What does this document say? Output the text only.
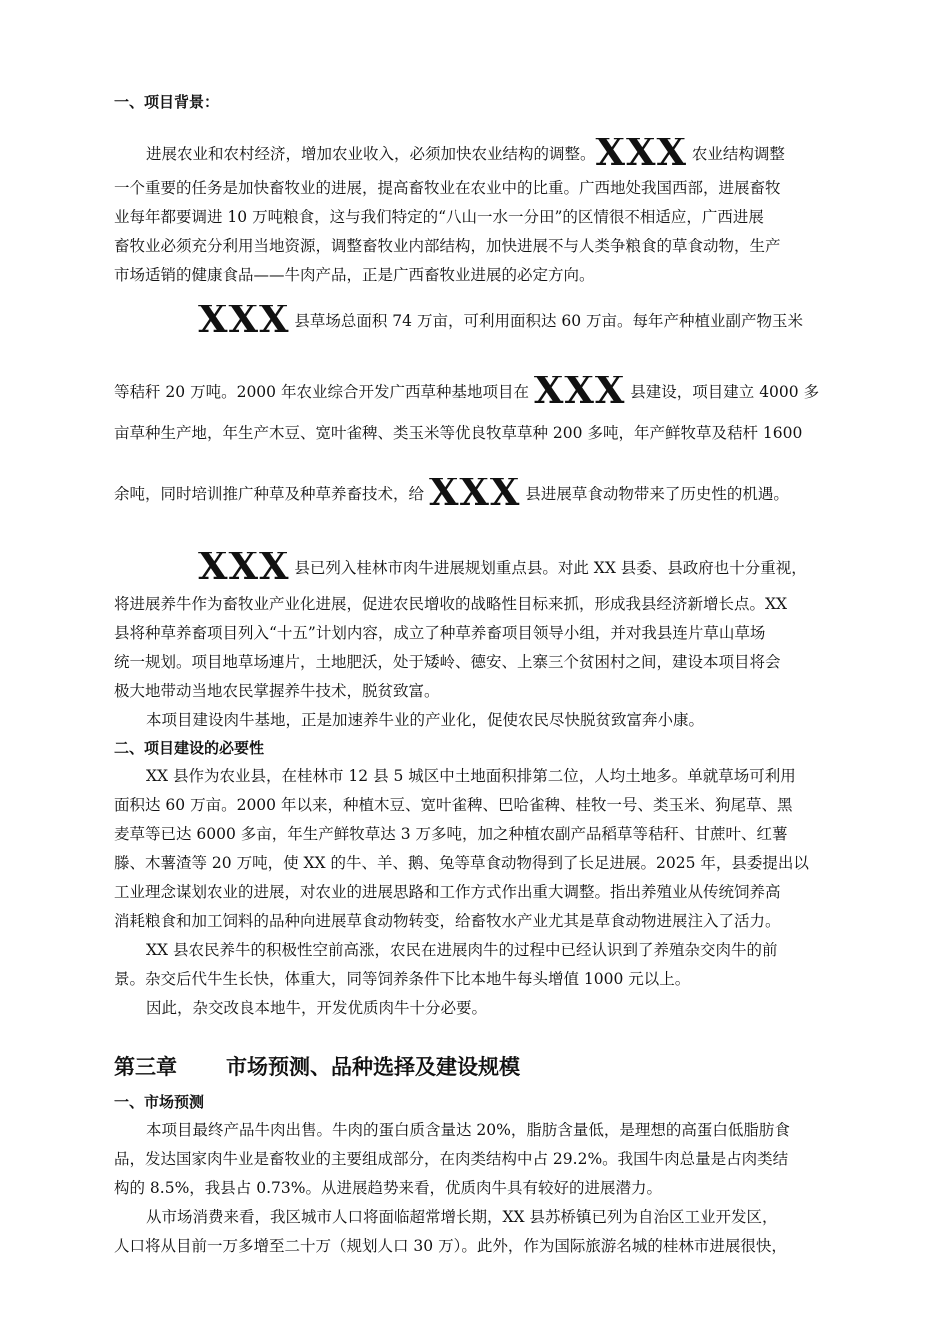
一、项目背景：
进展农业和农村经济，增加农业收入，必须加快农业结构的调整。XXX 农业结构调整
一个重要的任务是加快畜牧业的进展，提高畜牧业在农业中的比重。广西地处我国西部，进展畜牧
业每年都要调进 10 万吨粮食，这与我们特定的“八山一水一分田”的区情很不相适应，广西进展
畜牧业必须充分利用当地资源，调整畜牧业内部结构，加快进展不与人类争粮食的草食动物，生产
市场适销的健康食品——牛肉产品，正是广西畜牧业进展的必定方向。
XXX 县草场总面积 74 万亩，可利用面积达 60 万亩。每年产种植业副产物玉米
等秸秆 20 万吨。2000 年农业综合开发广西草种基地项目在 XXX 县建设，项目建立 4000 多
亩草种生产地，年生产木豆、宽叶雀稗、类玉米等优良牧草草种 200 多吨，年产鲜牧草及秸杆 1600
余吨，同时培训推广种草及种草养畜技术，给 XXX 县进展草食动物带来了历史性的机遇。
XXX 县已列入桂林市肉牛进展规划重点县。对此 XX 县委、县政府也十分重视，
将进展养牛作为畜牧业产业化进展，促进农民增收的战略性目标来抓，形成我县经济新增长点。XX
县将种草养畜项目列入“十五”计划内容，成立了种草养畜项目领导小组，并对我县连片草山草场
统一规划。项目地草场連片，土地肥沃，处于矮岭、德安、上寨三个贫困村之间，建设本项目将会
极大地带动当地农民掌握养牛技术，脱贫致富。
本项目建设肉牛基地，正是加速养牛业的产业化，促使农民尽快脱贫致富奔小康。
二、项目建设的必要性
XX 县作为农业县，在桂林市 12 县 5 城区中土地面积排第二位，人均土地多。单就草场可利用
面积达 60 万亩。2000 年以来，种植木豆、宽叶雀稗、巴哈雀稗、桂牧一号、类玉米、狗尾草、黑
麦草等已达 6000 多亩，年生产鲜牧草达 3 万多吨，加之种植农副产品稻草等秸秆、甘蔗叶、红薯
滕、木薯渣等 20 万吨，使 XX 的牛、羊、鹅、兔等草食动物得到了长足进展。2025 年，县委提出以
工业理念谋划农业的进展，对农业的进展思路和工作方式作出重大调整。指出养殖业从传统饲养高
消耗粮食和加工饲料的品种向进展草食动物转变，给畜牧水产业尤其是草食动物进展注入了活力。
XX 县农民养牛的积极性空前高涨，农民在进展肉牛的过程中已经认识到了养殖杂交肉牛的前
景。杂交后代牛生长快，体重大，同等饲养条件下比本地牛每头增值 1000 元以上。
因此，杂交改良本地牛，开发优质肉牛十分必要。
第三章 市场预测、品种选择及建设规模
一、市场预测
本项目最终产品牛肉出售。牛肉的蛋白质含量达 20%，脂肪含量低，是理想的高蛋白低脂肪食
品，发达国家肉牛业是畜牧业的主要组成部分，在肉类结构中占 29.2%。我国牛肉总量是占肉类结
构的 8.5%，我县占 0.73%。从进展趋势来看，优质肉牛具有较好的进展潜力。
从市场消费来看，我区城市人口将面临超常增长期，XX 县苏桥镇已列为自治区工业开发区，
人口将从目前一万多增至二十万（规划人口 30 万）。此外，作为国际旅游名城的桂林市进展很快，
